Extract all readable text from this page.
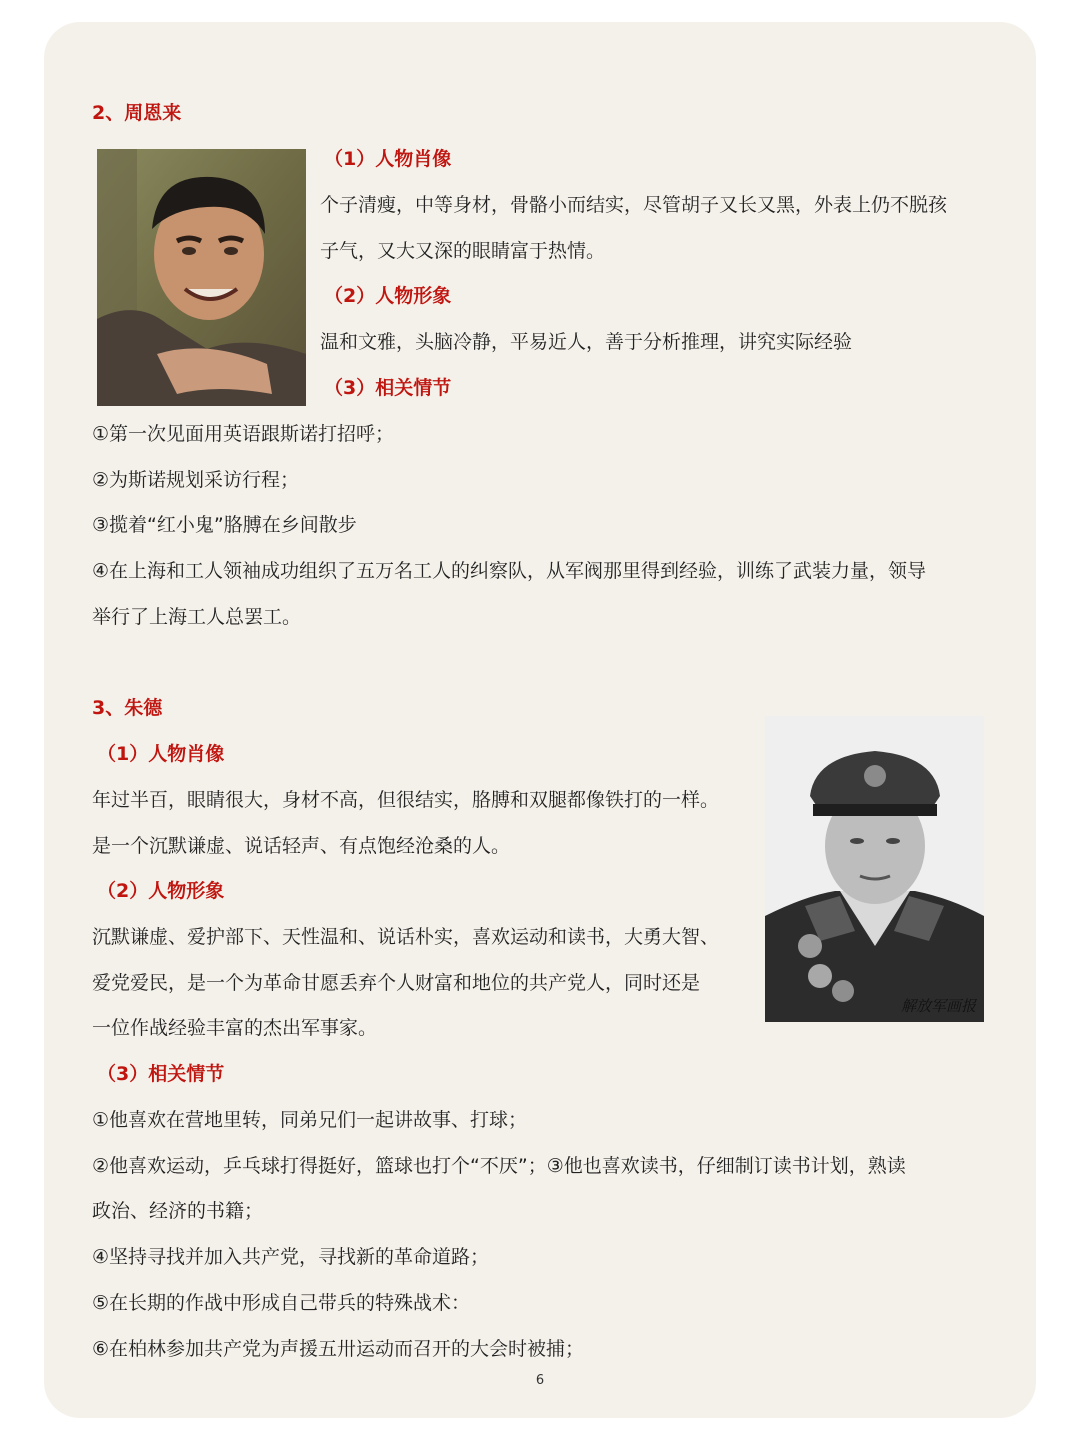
2、周恩来
（1）人物肖像
个子清瘦，中等身材，骨骼小而结实，尽管胡子又长又黑，外表上仍不脱孩
子气，又大又深的眼睛富于热情。
（2）人物形象
温和文雅，头脑冷静，平易近人，善于分析推理，讲究实际经验
（3）相关情节
①第一次见面用英语跟斯诺打招呼；
②为斯诺规划采访行程；
③揽着“红小鬼”胳膊在乡间散步
④在上海和工人领袖成功组织了五万名工人的纠察队，从军阀那里得到经验，训练了武装力量，领导
举行了上海工人总罢工。
3、朱德
解放军画报
（1）人物肖像
年过半百，眼睛很大，身材不高，但很结实，胳膊和双腿都像铁打的一样。
是一个沉默谦虚、说话轻声、有点饱经沧桑的人。
（2）人物形象
沉默谦虚、爱护部下、天性温和、说话朴实，喜欢运动和读书，大勇大智、
爱党爱民，是一个为革命甘愿丢弃个人财富和地位的共产党人，同时还是
一位作战经验丰富的杰出军事家。
（3）相关情节
①他喜欢在营地里转，同弟兄们一起讲故事、打球；
②他喜欢运动，乒乓球打得挺好，篮球也打个“不厌”；③他也喜欢读书，仔细制订读书计划，熟读
政治、经济的书籍；
④坚持寻找并加入共产党，寻找新的革命道路；
⑤在长期的作战中形成自己带兵的特殊战术：
⑥在柏林参加共产党为声援五卅运动而召开的大会时被捕；
6
